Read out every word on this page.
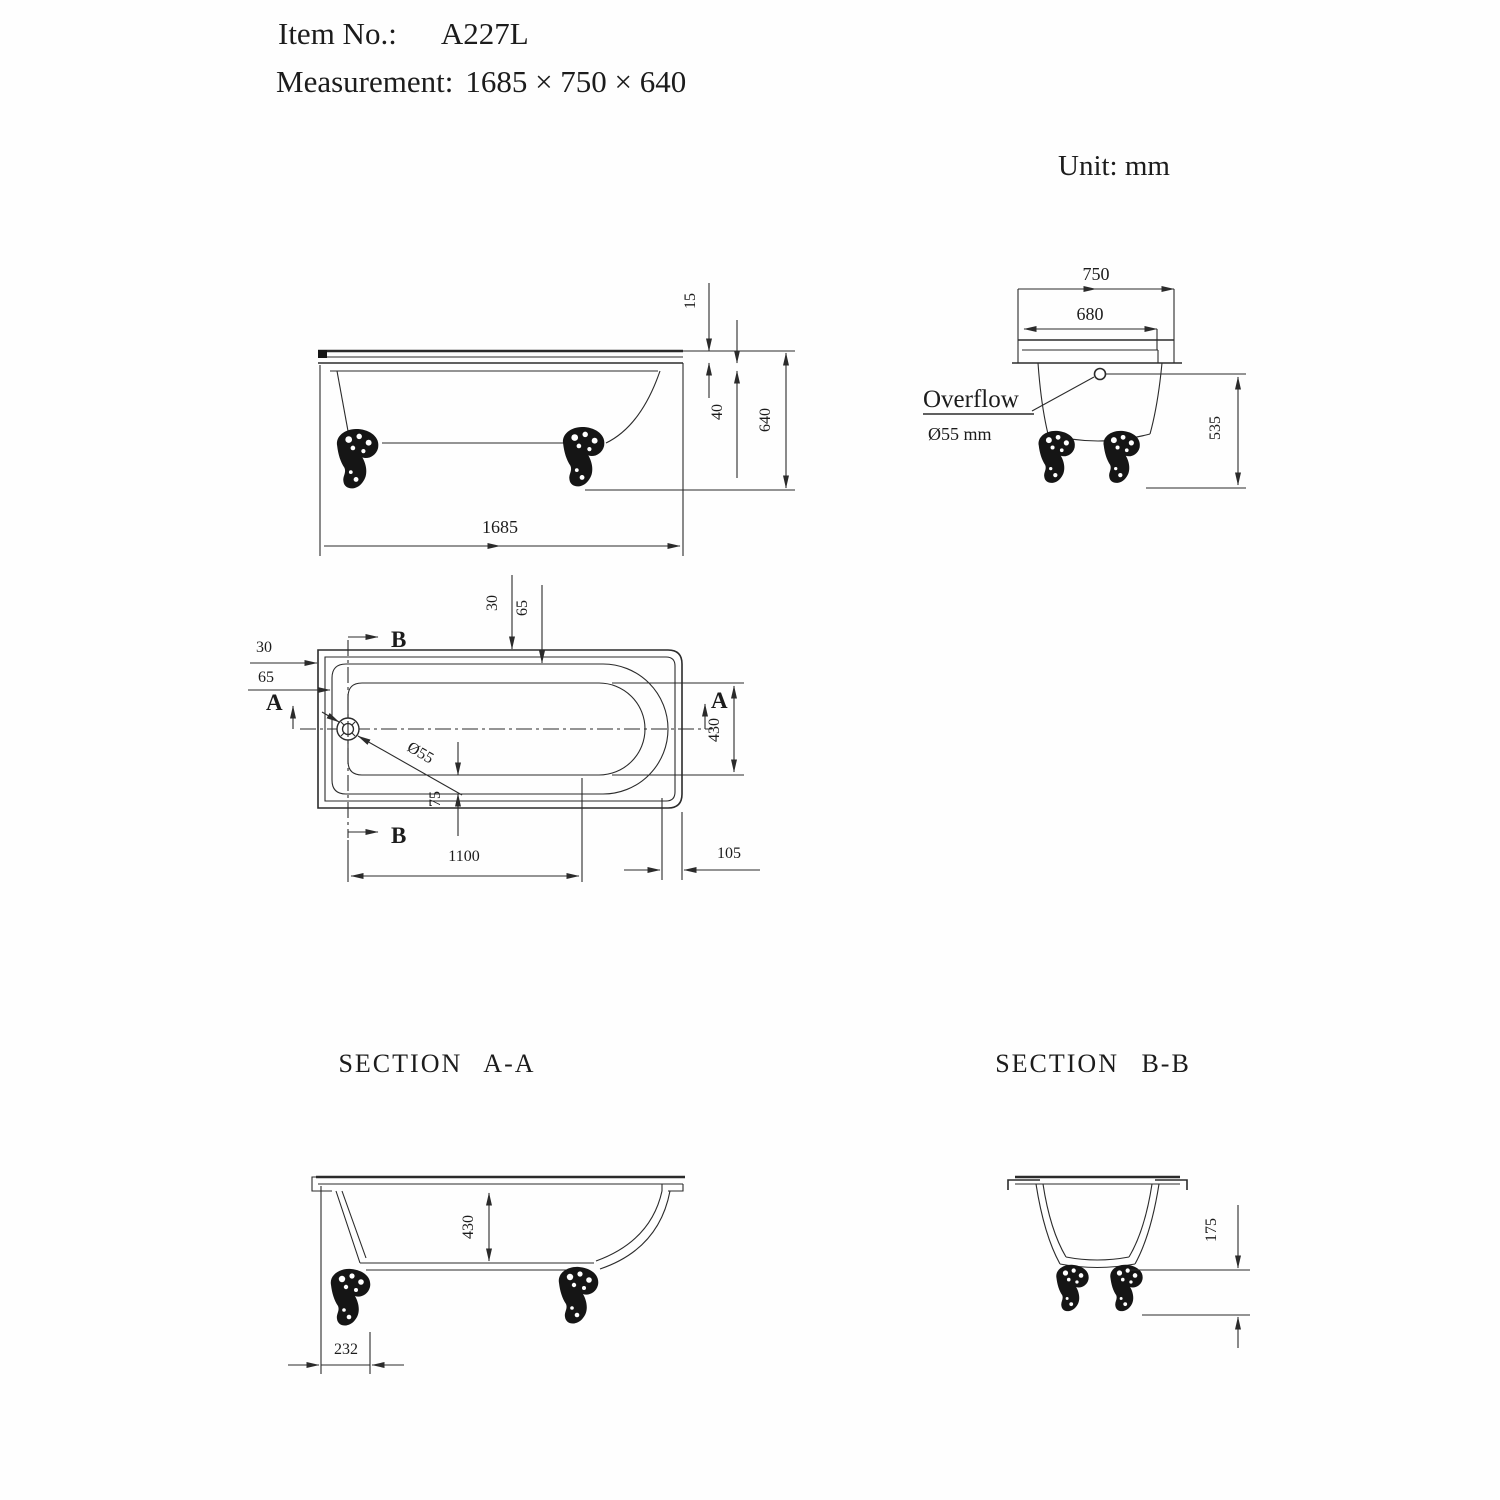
Item No.: A227L
Measurement: 1685 × 750 × 640
Unit: mm
1685
15
40 640
750
680
Overflow
Ø55 mm	535
B
B
A	A
30
65
30 65
430
Ø55
75
1100	105
SECTION A-A
430
232
SECTION B-B
175
